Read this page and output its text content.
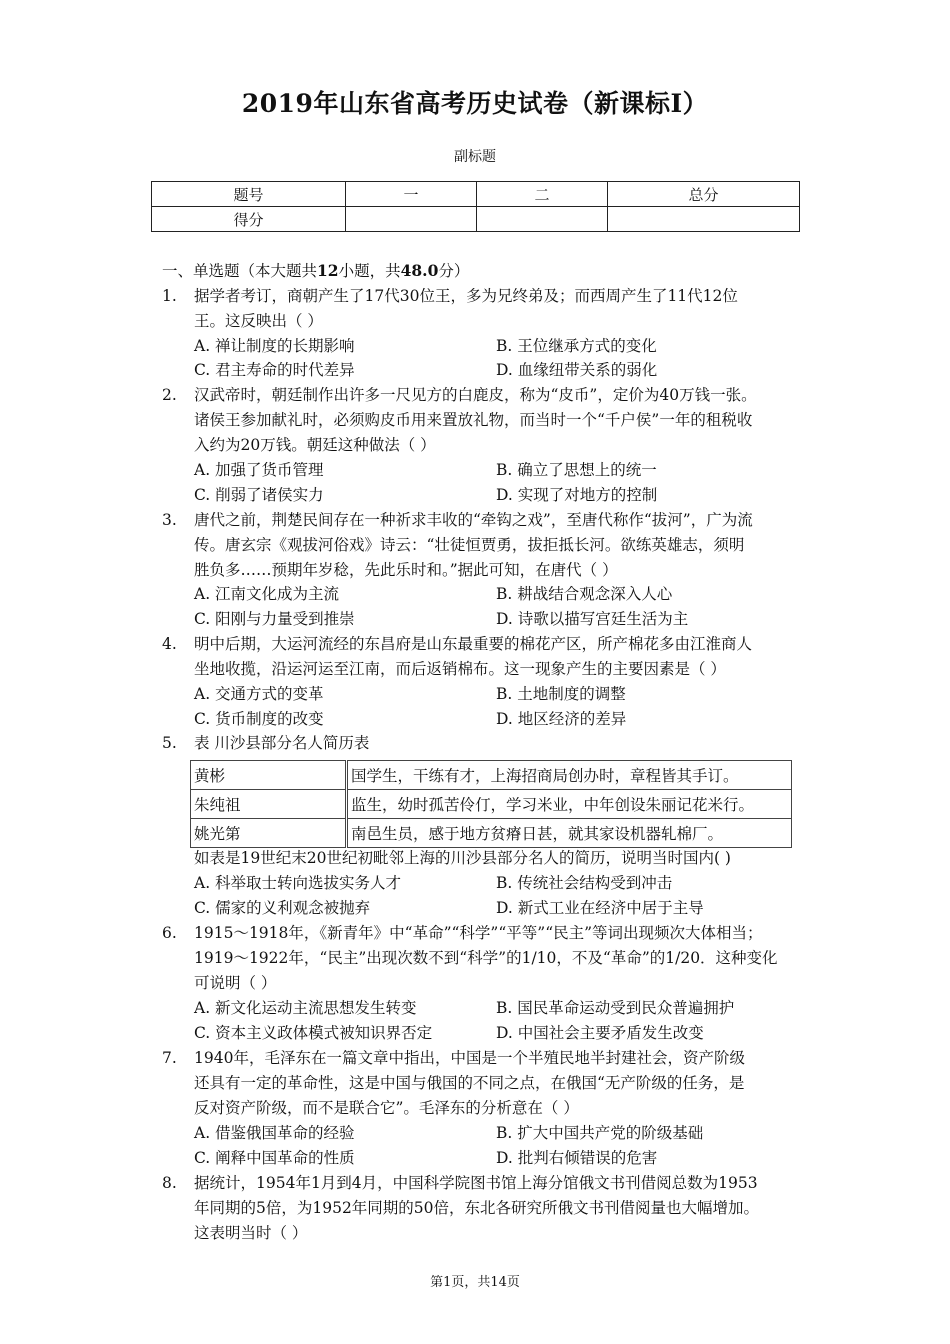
2019年山东省高考历史试卷（新课标Ⅰ）
副标题
题号	一	二	总分
得分			
一、单选题（本大题共12小题，共48.0分）
1. 据学者考订，商朝产生了17代30位王，多为兄终弟及；而西周产生了11代12位
王。这反映出（ ）
A. 禅让制度的长期影响	B. 王位继承方式的变化
C. 君主寿命的时代差异	D. 血缘纽带关系的弱化
2. 汉武帝时，朝廷制作出许多一尺见方的白鹿皮，称为“皮币”，定价为40万钱一张。
诸侯王参加献礼时，必须购皮币用来置放礼物，而当时一个“千户侯”一年的租税收
入约为20万钱。朝廷这种做法（ ）
A. 加强了货币管理	B. 确立了思想上的统一
C. 削弱了诸侯实力	D. 实现了对地方的控制
3. 唐代之前，荆楚民间存在一种祈求丰收的“牵钩之戏”，至唐代称作“拔河”，广为流
传。唐玄宗《观拔河俗戏》诗云：“壮徒恒贾勇，拔拒抵长河。欲练英雄志，须明
胜负多……预期年岁稔，先此乐时和。”据此可知，在唐代（ ）
A. 江南文化成为主流	B. 耕战结合观念深入人心
C. 阳刚与力量受到推崇	D. 诗歌以描写宫廷生活为主
4. 明中后期，大运河流经的东昌府是山东最重要的棉花产区，所产棉花多由江淮商人
坐地收揽，沿运河运至江南，而后返销棉布。这一现象产生的主要因素是（ ）
A. 交通方式的变革	B. 土地制度的调整
C. 货币制度的改变	D. 地区经济的差异
5. 表 川沙县部分名人简历表
黄彬	国学生，干练有才，上海招商局创办时，章程皆其手订。
朱纯祖	监生，幼时孤苦伶仃，学习米业，中年创设朱丽记花米行。
姚光第	南邑生员，感于地方贫瘠日甚，就其家设机器轧棉厂。
如表是19世纪末20世纪初毗邻上海的川沙县部分名人的简历，说明当时国内( )
A. 科举取士转向选拔实务人才	B. 传统社会结构受到冲击
C. 儒家的义利观念被抛弃	D. 新式工业在经济中居于主导
6. 1915～1918年，《新青年》中“革命”“科学”“平等”“民主”等词出现频次大体相当；
1919～1922年，“民主”出现次数不到“科学”的1/10，不及“革命”的1/20．这种变化
可说明（ ）
A. 新文化运动主流思想发生转变	B. 国民革命运动受到民众普遍拥护
C. 资本主义政体模式被知识界否定	D. 中国社会主要矛盾发生改变
7. 1940年，毛泽东在一篇文章中指出，中国是一个半殖民地半封建社会，资产阶级
还具有一定的革命性，这是中国与俄国的不同之点，在俄国“无产阶级的任务，是
反对资产阶级，而不是联合它”。毛泽东的分析意在（ ）
A. 借鉴俄国革命的经验	B. 扩大中国共产党的阶级基础
C. 阐释中国革命的性质	D. 批判右倾错误的危害
8. 据统计，1954年1月到4月，中国科学院图书馆上海分馆俄文书刊借阅总数为1953
年同期的5倍，为1952年同期的50倍，东北各研究所俄文书刊借阅量也大幅增加。
这表明当时（ ）
第1页，共14页
